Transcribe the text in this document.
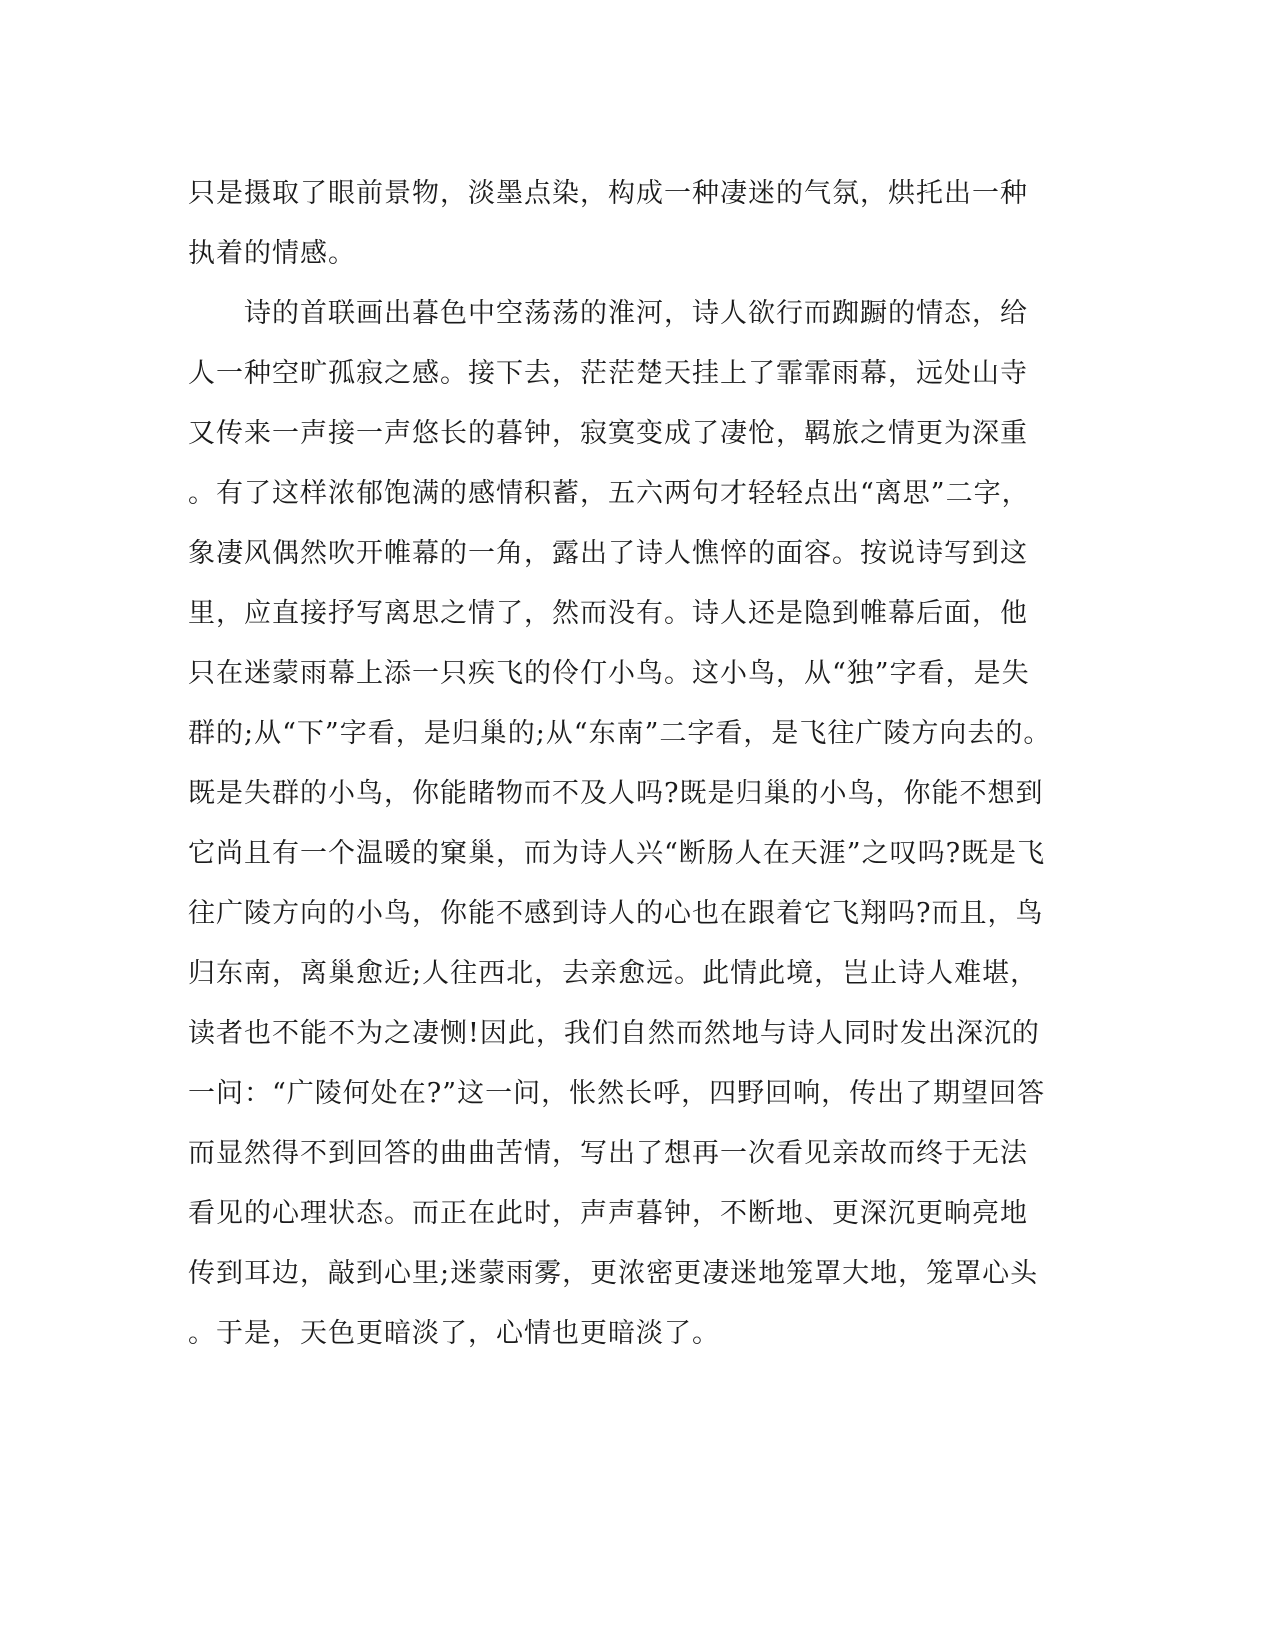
只是摄取了眼前景物，淡墨点染，构成一种凄迷的气氛，烘托出一种
执着的情感。
　　诗的首联画出暮色中空荡荡的淮河，诗人欲行而踟蹰的情态，给
人一种空旷孤寂之感。接下去，茫茫楚天挂上了霏霏雨幕，远处山寺
又传来一声接一声悠长的暮钟，寂寞变成了凄怆，羁旅之情更为深重
。有了这样浓郁饱满的感情积蓄，五六两句才轻轻点出“离思”二字，
象凄风偶然吹开帷幕的一角，露出了诗人憔悴的面容。按说诗写到这
里，应直接抒写离思之情了，然而没有。诗人还是隐到帷幕后面，他
只在迷蒙雨幕上添一只疾飞的伶仃小鸟。这小鸟，从“独”字看，是失
群的;从“下”字看，是归巢的;从“东南”二字看，是飞往广陵方向去的。
既是失群的小鸟，你能睹物而不及人吗?既是归巢的小鸟，你能不想到
它尚且有一个温暖的窠巢，而为诗人兴“断肠人在天涯”之叹吗?既是飞
往广陵方向的小鸟，你能不感到诗人的心也在跟着它飞翔吗?而且，鸟
归东南，离巢愈近;人往西北，去亲愈远。此情此境，岂止诗人难堪，
读者也不能不为之凄恻!因此，我们自然而然地与诗人同时发出深沉的
一问：“广陵何处在?”这一问，怅然长呼，四野回响，传出了期望回答
而显然得不到回答的曲曲苦情，写出了想再一次看见亲故而终于无法
看见的心理状态。而正在此时，声声暮钟，不断地、更深沉更晌亮地
传到耳边，敲到心里;迷蒙雨雾，更浓密更凄迷地笼罩大地，笼罩心头
。于是，天色更暗淡了，心情也更暗淡了。
